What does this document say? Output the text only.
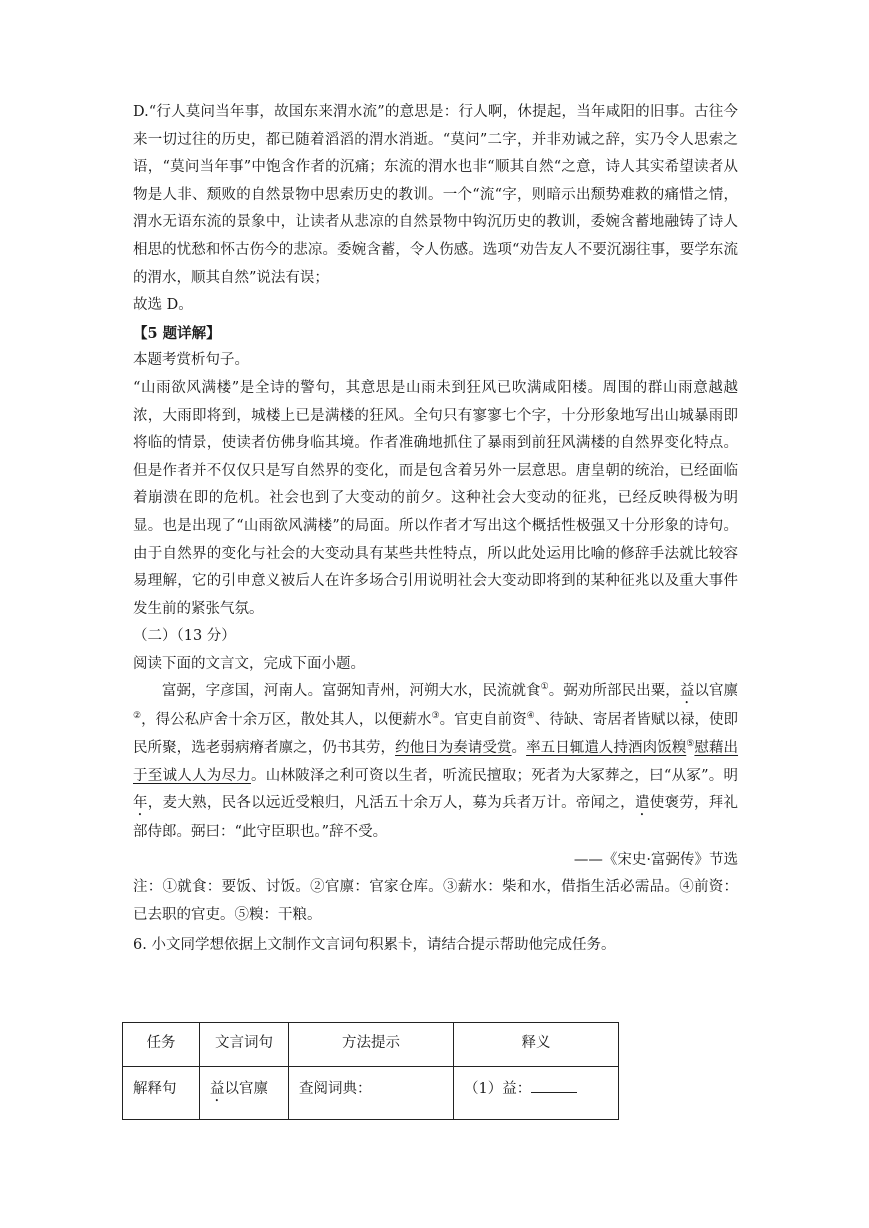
D.“行人莫问当年事，故国东来渭水流”的意思是：行人啊，休提起，当年咸阳的旧事。古往今来一切过往的历史，都已随着滔滔的渭水消逝。“莫问”二字，并非劝诫之辞，实乃令人思索之语，“莫问当年事”中饱含作者的沉痛；东流的渭水也非“顺其自然“之意，诗人其实希望读者从物是人非、颓败的自然景物中思索历史的教训。一个“流“字，则暗示出颓势难救的痛惜之情，渭水无语东流的景象中，让读者从悲凉的自然景物中钩沉历史的教训，委婉含蓄地融铸了诗人相思的忧愁和怀古伤今的悲凉。委婉含蓄，令人伤感。选项“劝告友人不要沉溺往事，要学东流的渭水，顺其自然”说法有误；

故选 D。

【5 题详解】

本题考赏析句子。

“山雨欲风满楼”是全诗的警句，其意思是山雨未到狂风已吹满咸阳楼。周围的群山雨意越越浓，大雨即将到，城楼上已是满楼的狂风。全句只有寥寥七个字，十分形象地写出山城暴雨即将临的情景，使读者仿佛身临其境。作者准确地抓住了暴雨到前狂风满楼的自然界变化特点。但是作者并不仅仅只是写自然界的变化，而是包含着另外一层意思。唐皇朝的统治，已经面临着崩溃在即的危机。社会也到了大变动的前夕。这种社会大变动的征兆，已经反映得极为明显。也是出现了“山雨欲风满楼”的局面。所以作者才写出这个概括性极强又十分形象的诗句。由于自然界的变化与社会的大变动具有某些共性特点，所以此处运用比喻的修辞手法就比较容易理解，它的引申意义被后人在许多场合引用说明社会大变动即将到的某种征兆以及重大事件发生前的紧张气氛。

（二）（13 分）

阅读下面的文言文，完成下面小题。

富弼，字彦国，河南人。富弼知青州，河朔大水，民流就食①。弼劝所部民出粟，益以官廪②，得公私庐舍十余万区，散处其人，以便薪水③。官吏自前资④、待缺、寄居者皆赋以禄，使即民所聚，选老弱病瘠者廪之，仍书其劳，约他日为奏请受赏。率五日辄遣人持酒肉饭糗⑤慰藉出于至诚人人为尽力。山林陂泽之利可资以生者，听流民擅取；死者为大冢葬之，曰“从冢”。明年，麦大熟，民各以远近受粮归，凡活五十余万人，募为兵者万计。帝闻之，遣使褒劳，拜礼部侍郎。弼曰：“此守臣职也。”辞不受。

——《宋史·富弼传》节选

注：①就食：要饭、讨饭。②官廪：官家仓库。③薪水：柴和水，借指生活必需品。④前资：已去职的官吏。⑤糗：干粮。

6. 小文同学想依据上文制作文言词句积累卡，请结合提示帮助他完成任务。

任务	文言词句	方法提示	释义
解释句	益以官廪	查阅词典：	（1）益：
